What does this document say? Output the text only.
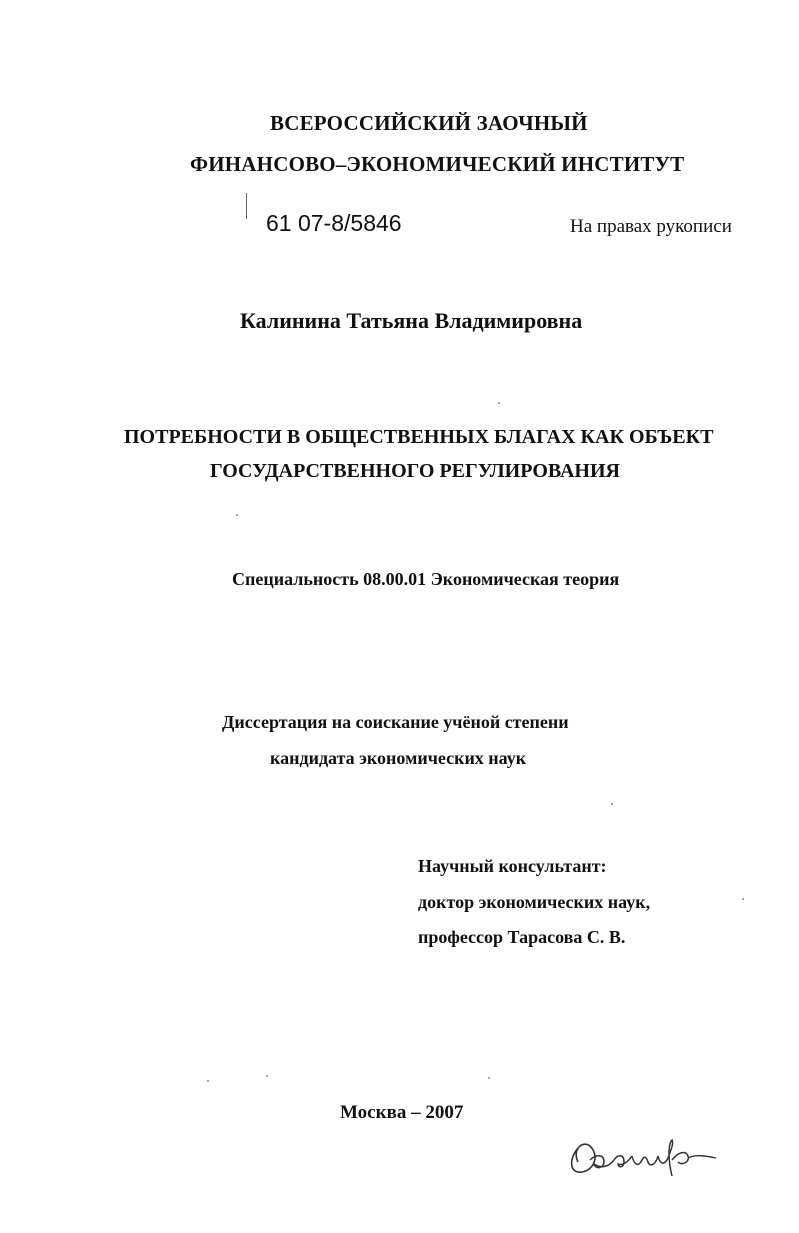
ВСЕРОССИЙСКИЙ ЗАОЧНЫЙ
ФИНАНСОВО–ЭКОНОМИЧЕСКИЙ ИНСТИТУТ
61 07-8/5846	На правах рукописи
Калинина Татьяна Владимировна
ПОТРЕБНОСТИ В ОБЩЕСТВЕННЫХ БЛАГАХ КАК ОБЪЕКТ
ГОСУДАРСТВЕННОГО РЕГУЛИРОВАНИЯ
Специальность 08.00.01 Экономическая теория
Диссертация на соискание учёной степени
кандидата экономических наук
Научный консультант:
доктор экономических наук,
профессор Тарасова С. В.
Москва – 2007
